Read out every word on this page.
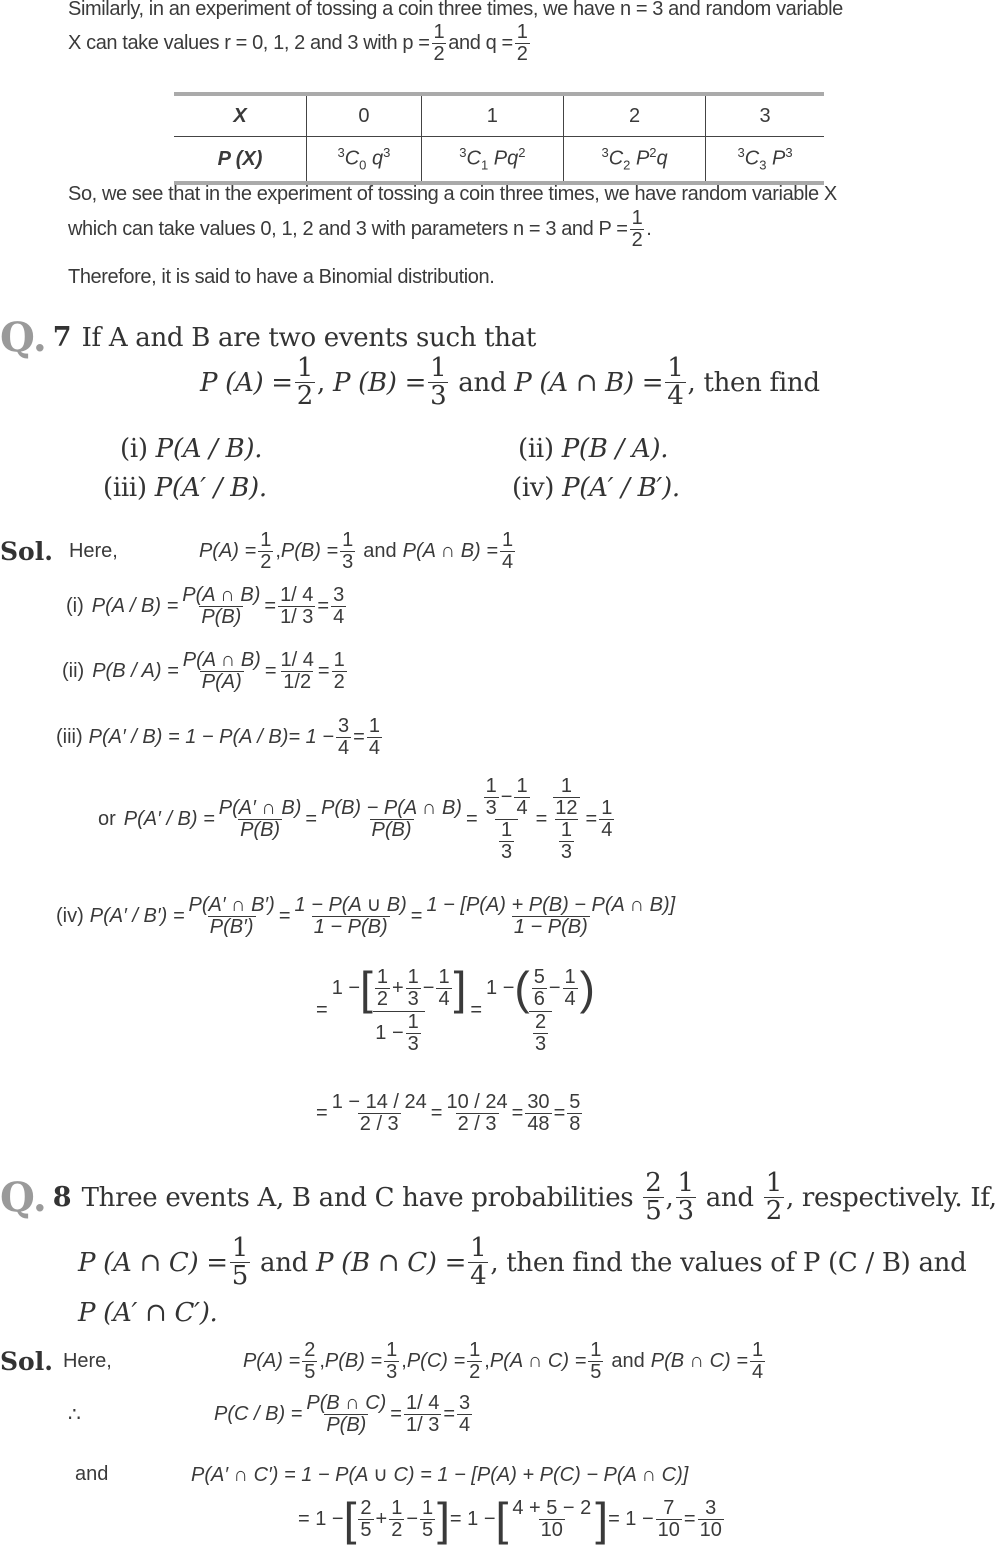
Similarly, in an experiment of tossing a coin three times, we have n = 3 and random variable
X can take values r = 0, 1, 2 and 3 with $p = \frac{1}{2}$ and $q = \frac{1}{2}$
X	0	1	2	3
P (X)	$^3C_0$ $q^3$	$^3C_1$ Pq$^2$	$^3C_2$ $P^2q$	$^3C_3$ $P^3$
So, we see that in the experiment of tossing a coin three times, we have random variable X
which can take values 0, 1, 2 and 3 with parameters n = 3 and $P = \frac{1}{2}$ .
Therefore, it is said to have a Binomial distribution.
Q. 7 If A and B are two events such that
P $(A) = \frac{1}{2}$ , P $(B) = \frac{1}{3}$
and
P (A ∩ $B) = \frac{1}{4}$ , then find
(i) P(A / B).	(ii) P(B / A).
(iii) P(A′ / B).	(iv) P(A′ / B′).
Sol. Here,	$P(A) = \frac{1}{2}$ , $P(B) = \frac{1}{3}$ and P(A ∩ $B) = \frac{1}{4}$
(i) $P(A / B) = \frac{P(A \cap B)}{P(B)} = \frac{1/ 4}{1/ 3} = \frac{3}{4}$
(ii) $P(B / A) = \frac{P(A \cap B)}{P(A)} = \frac{1/ 4}{1/2} = \frac{1}{2}$
(iii) $P(A' / B) = 1 - P(A / B)= 1 - \frac{3}{4} = \frac{1}{4}$
or $P(A' / B) = \frac{P(A' \cap B)}{P(B)} = \frac{P(B) - P(A \cap B)}{P(B)} = \frac{\frac{1}{3} - \frac{1}{4}}{\frac{1}{3}} = \frac{\frac{1}{12}}{\frac{1}{3}} = \frac{1}{4}$
(iv) $P(A' / B') = \frac{P(A' \cap B')}{P(B')} = \frac{1 - P(A \cup B)}{1 - P(B)} = \frac{1 - [P(A) + P(B) - P(A \cap B)]}{1 - P(B)}$
= $\frac{1 - [ \frac{1}{2} + \frac{1}{3} - \frac{1}{4} ]}{1 - \frac{1}{3}} = \frac{1 - ( \frac{5}{6} - \frac{1}{4} )}{\frac{2}{3}}$
= $\frac{1 - 14 / 24}{2 / 3} = \frac{10 / 24}{2 / 3} = \frac{30}{48} = \frac{5}{8}$
Q. 8 Three events A, B and C have probabilities
$\frac{2}{5}$ , $\frac{1}{3}$
and
$\frac{1}{2}$ , respectively. If,
P (A ∩ $C) = \frac{1}{5}$
and
P (B ∩ $C) = \frac{1}{4}$ , then find the values of P (C / B) and
P (A′ ∩ C′).
Sol. Here,	$P(A) = \frac{2}{5}$ , $P(B) = \frac{1}{3}$ , $P(C) = \frac{1}{2}$ , P(A ∩ $C) = \frac{1}{5}$ and P(B ∩ $C) = \frac{1}{4}$
∴	$P(C / B) = \frac{P(B \cap C)}{P(B)} = \frac{1/ 4}{1/ 3} = \frac{3}{4}$
and	P(A′ ∩ C′) = 1 − P(A ∪ C) = 1 − [P(A) + P(C) − P(A ∩ C)]
= 1 − [ $\frac{2}{5} + \frac{1}{2} - \frac{1}{5}$ ] = 1 − [ $\frac{4 + 5 - 2}{10}$ ] = $1 - \frac{7}{10} = \frac{3}{10}$
